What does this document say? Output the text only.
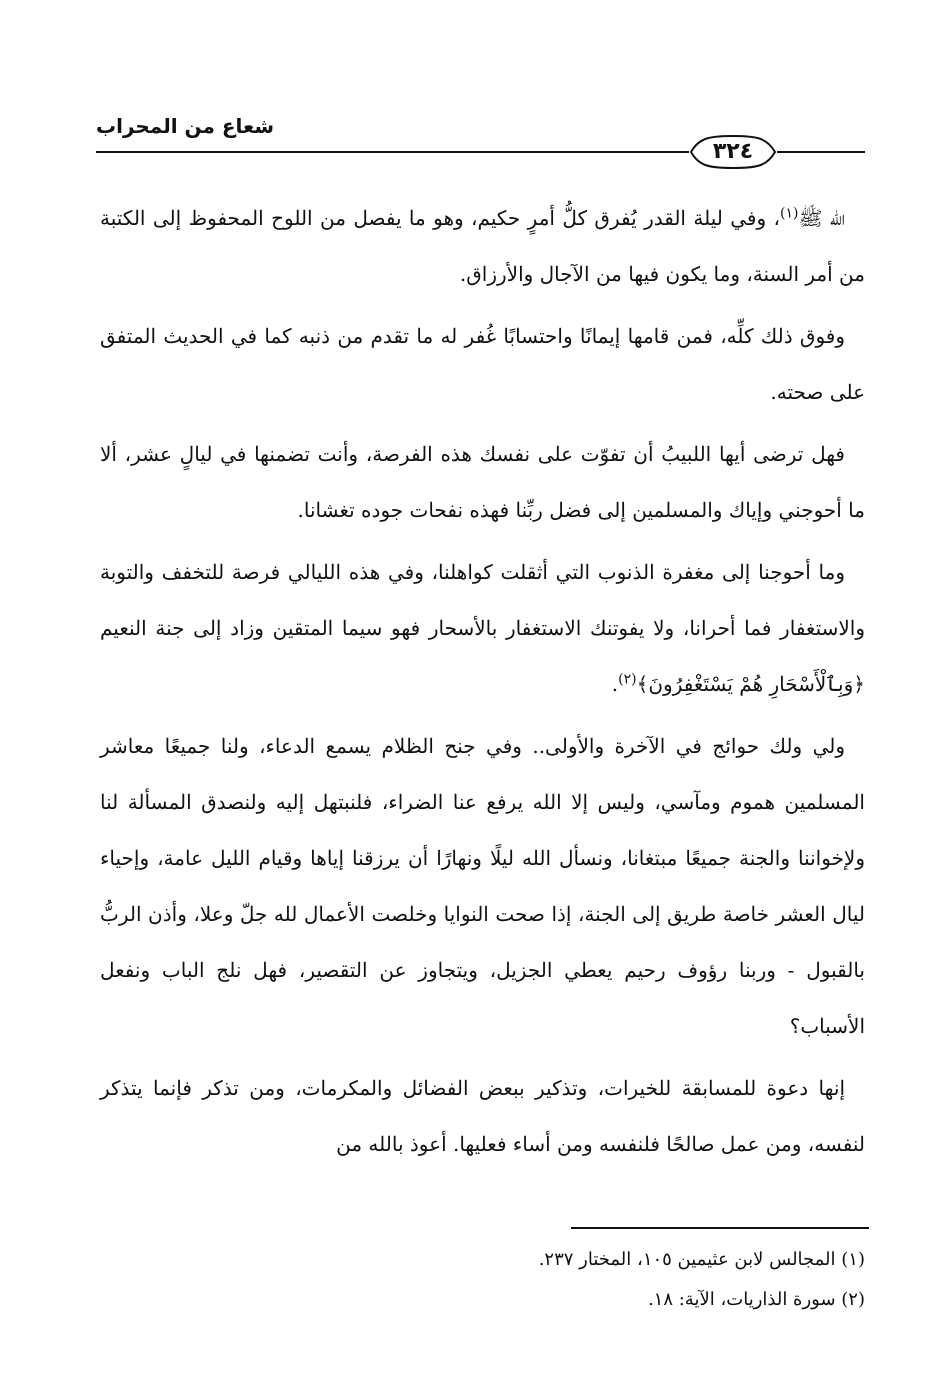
شعاع من المحراب
٣٢٤

الله ﷺ$^{(١)}$، وفي ليلة القدر يُفرق كلُّ أمرٍ حكيم، وهو ما يفصل من اللوح المحفوظ إلى الكتبة من أمر السنة، وما يكون فيها من الآجال والأرزاق.

وفوق ذلك كلِّه، فمن قامها إيمانًا واحتسابًا غُفر له ما تقدم من ذنبه كما في الحديث المتفق على صحته.

فهل ترضى أيها اللبيبُ أن تفوّت على نفسك هذه الفرصة، وأنت تضمنها في ليالٍ عشر، ألا ما أحوجني وإياك والمسلمين إلى فضل ربِّنا فهذه نفحات جوده تغشانا.

وما أحوجنا إلى مغفرة الذنوب التي أثقلت كواهلنا، وفي هذه الليالي فرصة للتخفف والتوبة والاستغفار فما أحرانا، ولا يفوتنك الاستغفار بالأسحار فهو سيما المتقين وزاد إلى جنة النعيم ﴿وَبِٱلْأَسْحَارِ هُمْ يَسْتَغْفِرُونَ﴾$^{(٢)}$.

ولي ولك حوائج في الآخرة والأولى.. وفي جنح الظلام يسمع الدعاء، ولنا جميعًا معاشر المسلمين هموم ومآسي، وليس إلا الله يرفع عنا الضراء، فلنبتهل إليه ولنصدق المسألة لنا ولإخواننا والجنة جميعًا مبتغانا، ونسأل الله ليلًا ونهارًا أن يرزقنا إياها وقيام الليل عامة، وإحياء ليال العشر خاصة طريق إلى الجنة، إذا صحت النوايا وخلصت الأعمال لله جلّ وعلا، وأذن الربُّ بالقبول - وربنا رؤوف رحيم يعطي الجزيل، ويتجاوز عن التقصير، فهل نلج الباب ونفعل الأسباب؟

إنها دعوة للمسابقة للخيرات، وتذكير ببعض الفضائل والمكرمات، ومن تذكر فإنما يتذكر لنفسه، ومن عمل صالحًا فلنفسه ومن أساء فعليها. أعوذ بالله من

(١) المجالس لابن عثيمين ١٠٥، المختار ٢٣٧.

(٢) سورة الذاريات، الآية: ١٨.
